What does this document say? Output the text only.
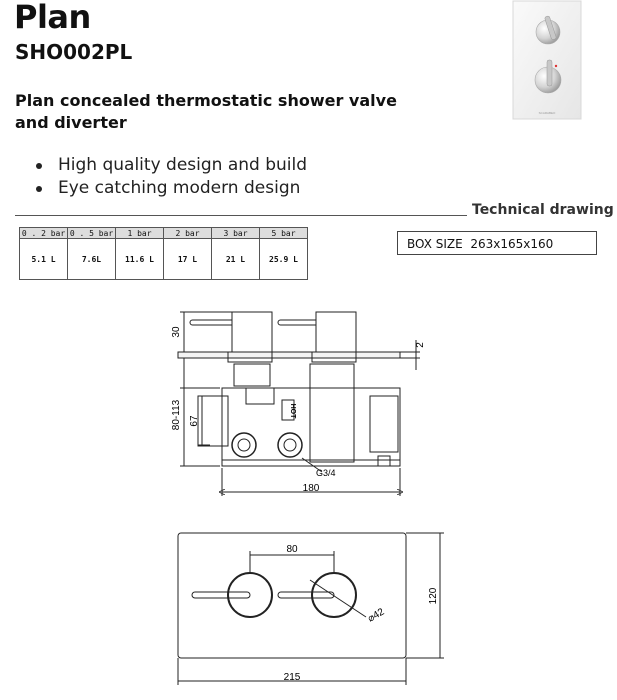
Plan
SHO002PL
Plan concealed thermostatic shower valve and diverter
High quality design and build
Eye catching modern design
SCARABEO
Technical drawing
0 . 2 bar	0 . 5 bar	1 bar	2 bar	3 bar	5 bar
5.1 L	7.6L	11.6 L	17 L	21 L	25.9 L
BOX SIZE 263x165x160
30
80-113 67
2
180
G3/4
HOT
80
⌀42
120
215
